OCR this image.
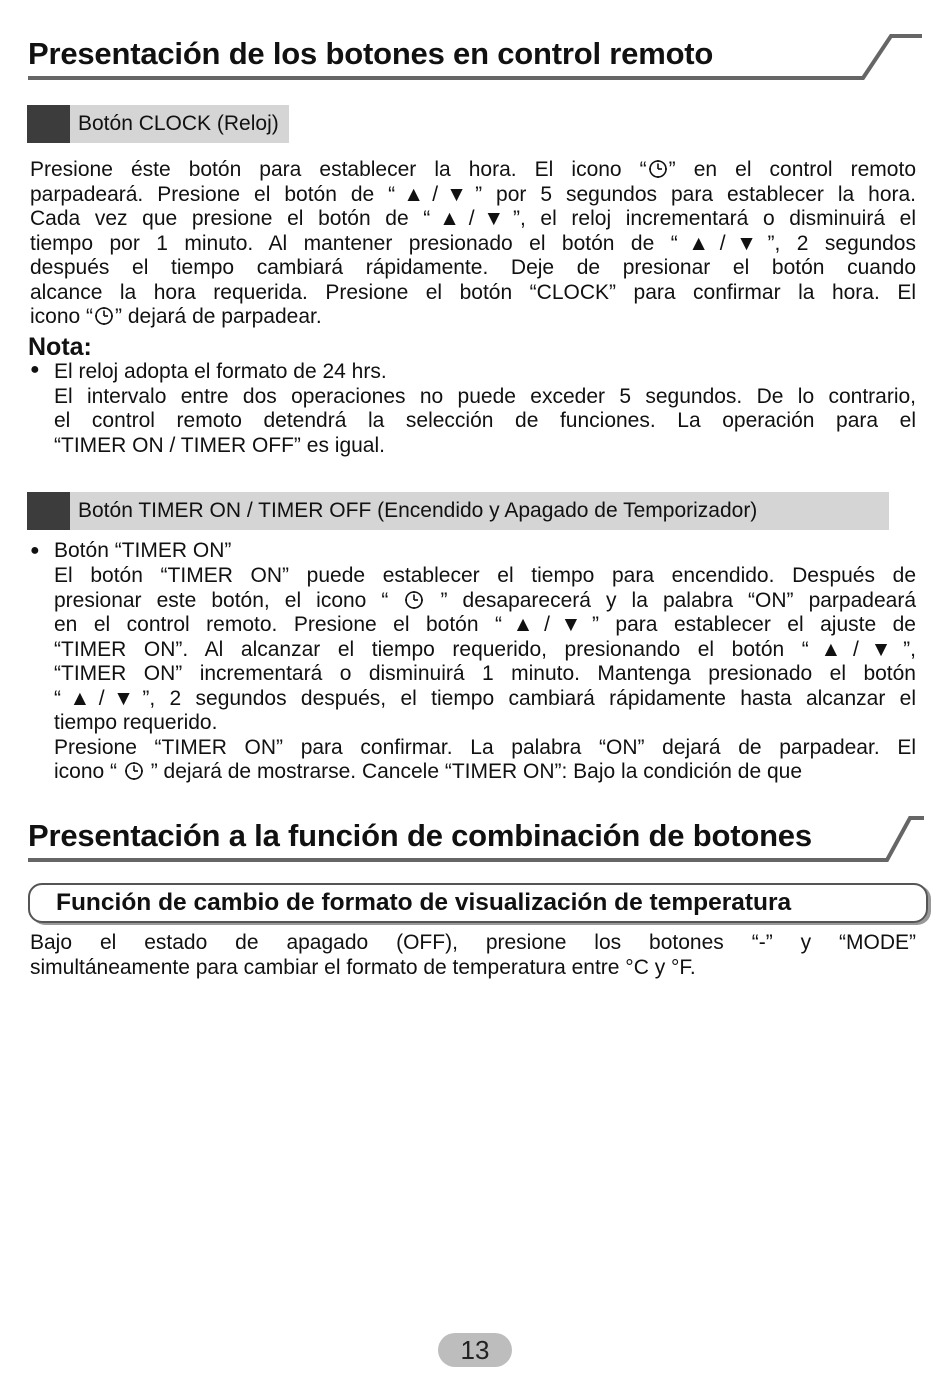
Presentación de los botones en control remoto
Botón CLOCK (Reloj)
Presione éste botón para establecer la hora. El icono “ ” en el control remoto
parpadeará. Presione el botón de “▲/▼” por 5 segundos para establecer la hora.
Cada vez que presione el botón de “▲/▼”, el reloj incrementará o disminuirá el
tiempo por 1 minuto. Al mantener presionado el botón de “▲/▼”, 2 segundos
después el tiempo cambiará rápidamente. Deje de presionar el botón cuando
alcance la hora requerida. Presione el botón “CLOCK” para confirmar la hora. El
icono “ ” dejará de parpadear.
Nota:
● El reloj adopta el formato de 24 hrs.
El intervalo entre dos operaciones no puede exceder 5 segundos. De lo contrario,
el control remoto detendrá la selección de funciones. La operación para el
“TIMER ON / TIMER OFF” es igual.
Botón TIMER ON / TIMER OFF (Encendido y Apagado de Temporizador)
● Botón “TIMER ON”
El botón “TIMER ON” puede establecer el tiempo para encendido. Después de
presionar este botón, el icono “  ” desaparecerá y la palabra “ON” parpadeará
en el control remoto. Presione el botón “▲/▼” para establecer el ajuste de
“TIMER ON”. Al alcanzar el tiempo requerido, presionando el botón “▲/▼”,
“TIMER ON” incrementará o disminuirá 1 minuto. Mantenga presionado el botón
“▲/▼”, 2 segundos después, el tiempo cambiará rápidamente hasta alcanzar el
tiempo requerido.
Presione “TIMER ON” para confirmar. La palabra “ON” dejará de parpadear. El
icono “  ” dejará de mostrarse. Cancele “TIMER ON”: Bajo la condición de que
Presentación a la función de combinación de botones
Función de cambio de formato de visualización de temperatura
Bajo el estado de apagado (OFF), presione los botones “-” y “MODE”
simultáneamente para cambiar el formato de temperatura entre °C y °F.
13
